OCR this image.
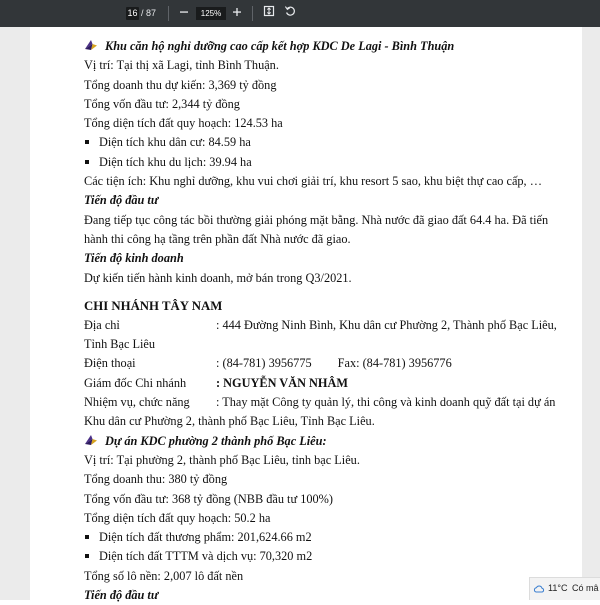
16 / 87	125%
Khu căn hộ nghỉ dưỡng cao cấp kết hợp KDC De Lagi - Bình Thuận
Vị trí: Tại thị xã Lagi, tỉnh Bình Thuận.
Tổng doanh thu dự kiến: 3,369 tỷ đồng
Tổng vốn đầu tư: 2,344 tỷ đồng
Tổng diện tích đất quy hoạch: 124.53 ha
Diện tích khu dân cư: 84.59 ha
Diện tích khu du lịch: 39.94 ha
Các tiện ích: Khu nghỉ dưỡng, khu vui chơi giải trí, khu resort 5 sao, khu biệt thự cao cấp, …
Tiến độ đầu tư
Đang tiếp tục công tác bồi thường giải phóng mặt bằng. Nhà nước đã giao đất 64.4 ha. Đã tiến
hành thi công hạ tầng trên phần đất Nhà nước đã giao.
Tiến độ kinh doanh
Dự kiến tiến hành kinh doanh, mở bán trong Q3/2021.
CHI NHÁNH TÂY NAM
Địa chỉ	: 444 Đường Ninh Bình, Khu dân cư Phường 2, Thành phố Bạc Liêu,
Tỉnh Bạc Liêu
Điện thoại	: (84-781) 3956775 Fax: (84-781) 3956776
Giám đốc Chi nhánh : NGUYỄN VĂN NHÂM
Nhiệm vụ, chức năng : Thay mặt Công ty quản lý, thi công và kinh doanh quỹ đất tại dự án
Khu dân cư Phường 2, thành phố Bạc Liêu, Tỉnh Bạc Liêu.
Dự án KDC phường 2 thành phố Bạc Liêu:
Vị trí: Tại phường 2, thành phố Bạc Liêu, tỉnh bạc Liêu.
Tổng doanh thu: 380 tỷ đồng
Tổng vốn đầu tư: 368 tỷ đồng (NBB đầu tư 100%)
Tổng diện tích đất quy hoạch: 50.2 ha
Diện tích đất thương phẩm: 201,624.66 m2
Diện tích đất TTTM và dịch vụ: 70,320 m2
Tổng số lô nền: 2,007 lô đất nền
Tiến độ đầu tư
11°C Có mâ
